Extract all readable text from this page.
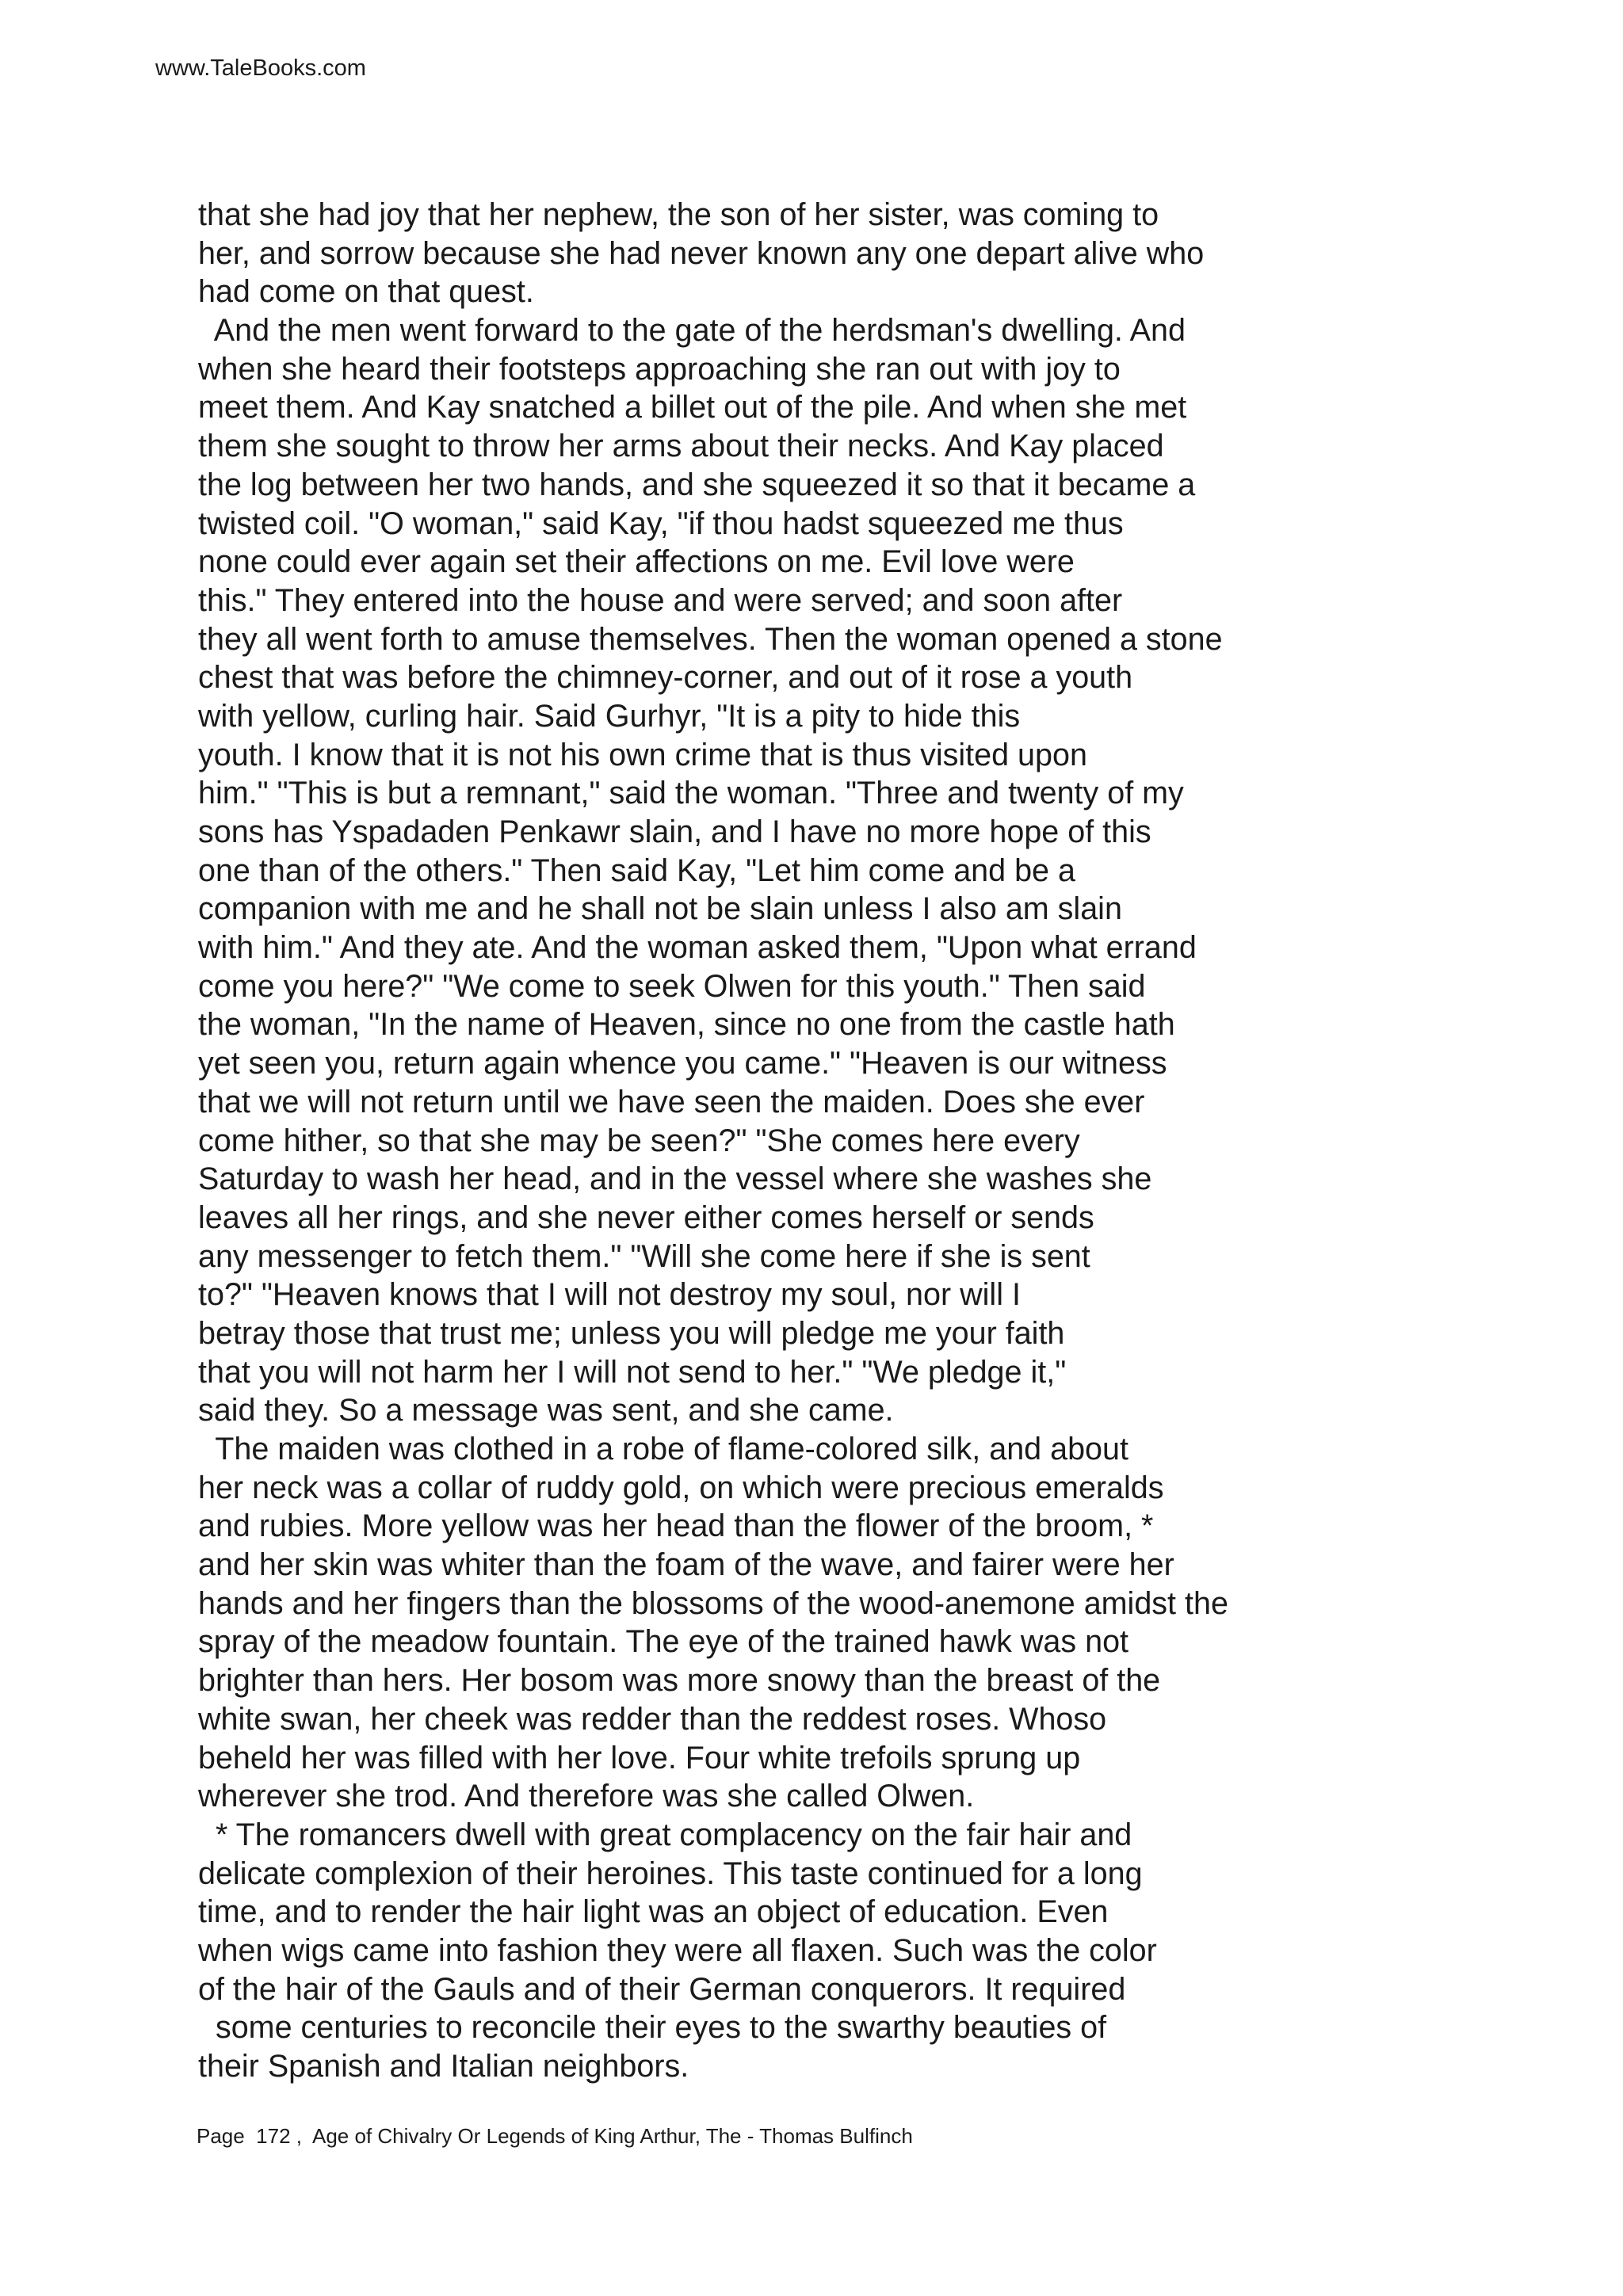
www.TaleBooks.com
that she had joy that her nephew, the son of her sister, was coming to
her, and sorrow because she had never known any one depart alive who
had come on that quest.
And the men went forward to the gate of the herdsman's dwelling. And
when she heard their footsteps approaching she ran out with joy to
meet them. And Kay snatched a billet out of the pile. And when she met
them she sought to throw her arms about their necks. And Kay placed
the log between her two hands, and she squeezed it so that it became a
twisted coil. "O woman," said Kay, "if thou hadst squeezed me thus
none could ever again set their affections on me. Evil love were
this." They entered into the house and were served; and soon after
they all went forth to amuse themselves. Then the woman opened a stone
chest that was before the chimney-corner, and out of it rose a youth
with yellow, curling hair. Said Gurhyr, "It is a pity to hide this
youth. I know that it is not his own crime that is thus visited upon
him." "This is but a remnant," said the woman. "Three and twenty of my
sons has Yspadaden Penkawr slain, and I have no more hope of this
one than of the others." Then said Kay, "Let him come and be a
companion with me and he shall not be slain unless I also am slain
with him." And they ate. And the woman asked them, "Upon what errand
come you here?" "We come to seek Olwen for this youth." Then said
the woman, "In the name of Heaven, since no one from the castle hath
yet seen you, return again whence you came." "Heaven is our witness
that we will not return until we have seen the maiden. Does she ever
come hither, so that she may be seen?" "She comes here every
Saturday to wash her head, and in the vessel where she washes she
leaves all her rings, and she never either comes herself or sends
any messenger to fetch them." "Will she come here if she is sent
to?" "Heaven knows that I will not destroy my soul, nor will I
betray those that trust me; unless you will pledge me your faith
that you will not harm her I will not send to her." "We pledge it,"
said they. So a message was sent, and she came.
The maiden was clothed in a robe of flame-colored silk, and about
her neck was a collar of ruddy gold, on which were precious emeralds
and rubies. More yellow was her head than the flower of the broom, *
and her skin was whiter than the foam of the wave, and fairer were her
hands and her fingers than the blossoms of the wood-anemone amidst the
spray of the meadow fountain. The eye of the trained hawk was not
brighter than hers. Her bosom was more snowy than the breast of the
white swan, her cheek was redder than the reddest roses. Whoso
beheld her was filled with her love. Four white trefoils sprung up
wherever she trod. And therefore was she called Olwen.
* The romancers dwell with great complacency on the fair hair and
delicate complexion of their heroines. This taste continued for a long
time, and to render the hair light was an object of education. Even
when wigs came into fashion they were all flaxen. Such was the color
of the hair of the Gauls and of their German conquerors. It required
some centuries to reconcile their eyes to the swarthy beauties of
their Spanish and Italian neighbors.
Page  172 ,  Age of Chivalry Or Legends of King Arthur, The - Thomas Bulfinch
